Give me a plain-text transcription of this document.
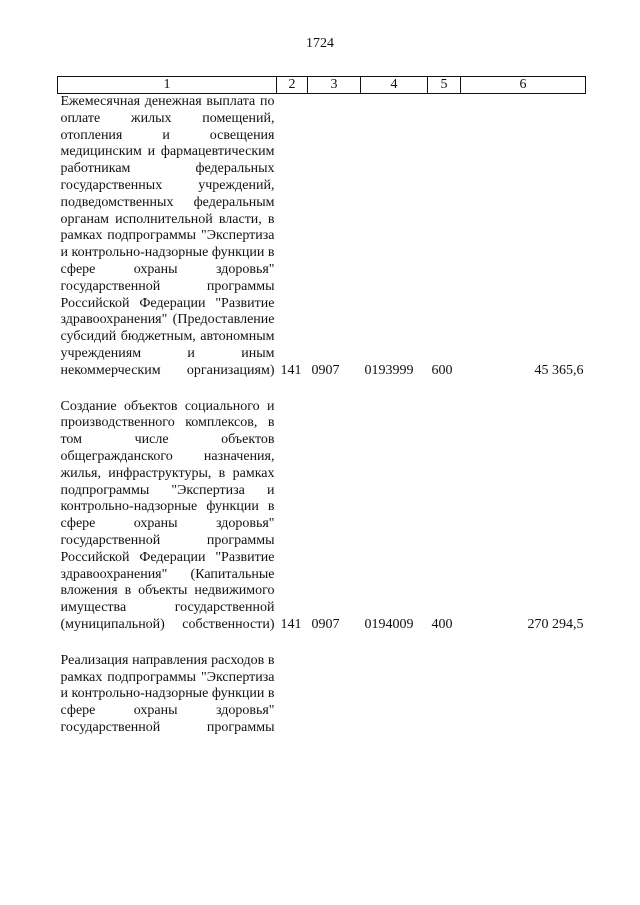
1724
1	2	3	4	5	6
Ежемесячная денежная выплата по оплате жилых помещений, отопления и освещения медицинским и фармацевтическим работникам федеральных государственных учреждений, подведомственных федеральным органам исполнительной власти, в рамках подпрограммы "Экспертиза и контрольно-надзорные функции в сфере охраны здоровья" государственной программы Российской Федерации "Развитие здравоохранения" (Предоставление субсидий бюджетным, автономным учреждениям и иным некоммерческим организациям)	141	0907	0193999	600	45 365,6

Создание объектов социального и производственного комплексов, в том числе объектов общегражданского назначения, жилья, инфраструктуры, в рамках подпрограммы "Экспертиза и контрольно-надзорные функции в сфере охраны здоровья" государственной программы Российской Федерации "Развитие здравоохранения" (Капитальные вложения в объекты недвижимого имущества государственной (муниципальной) собственности)	141	0907	0194009	400	270 294,5

Реализация направления расходов в рамках подпрограммы "Экспертиза и контрольно-надзорные функции в сфере охраны здоровья" государственной программы					
